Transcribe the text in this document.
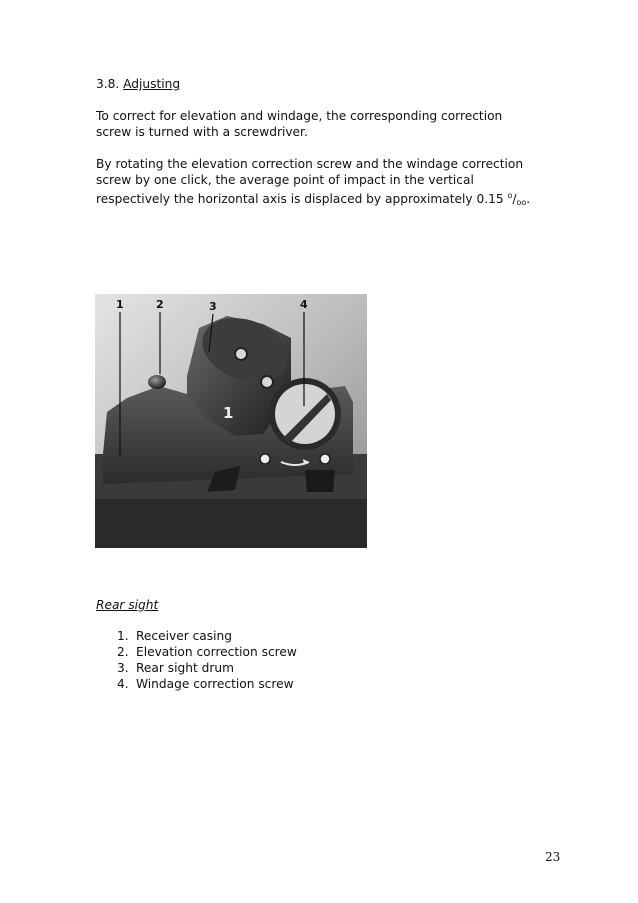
3.8. Adjusting
To correct for elevation and windage, the corresponding correction
screw is turned with a screwdriver.
By rotating the elevation correction screw and the windage correction
screw by one click, the average point of impact in the vertical
respectively the horizontal axis is displaced by approximately 0.15 $^o/_{oo}$.
1
1	2	3	4
Rear sight
1. Receiver casing
2. Elevation correction screw
3. Rear sight drum
4. Windage correction screw
23
